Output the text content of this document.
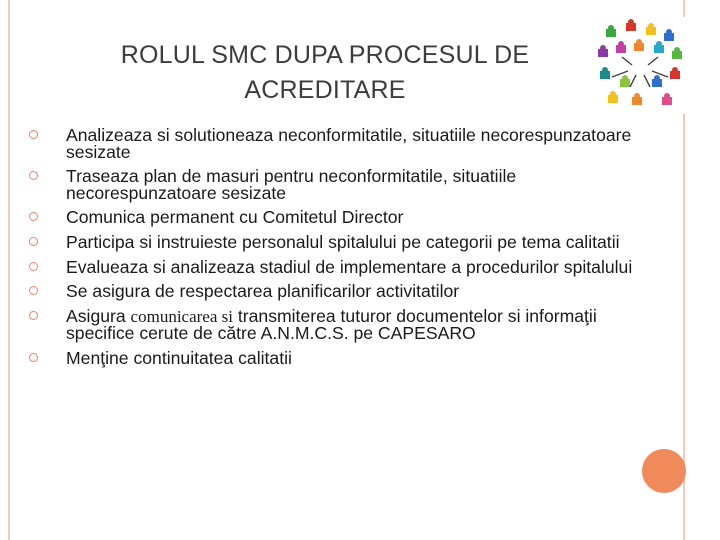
ROLUL SMC DUPA PROCESUL DE
ACREDITARE
Analizeaza si solutioneaza neconformitatile, situatiile necorespunzatoare sesizate
Traseaza plan de masuri pentru neconformitatile, situatiile necorespunzatoare sesizate
Comunica permanent cu Comitetul Director
Participa si instruieste personalul spitalului pe categorii pe tema calitatii
Evalueaza si analizeaza stadiul de implementare a procedurilor spitalului
Se asigura de respectarea planificarilor activitatilor
Asigura comunicarea si transmiterea tuturor documentelor si informaţii specifice cerute de către A.N.M.C.S. pe CAPESARO
Menţine continuitatea calitatii
